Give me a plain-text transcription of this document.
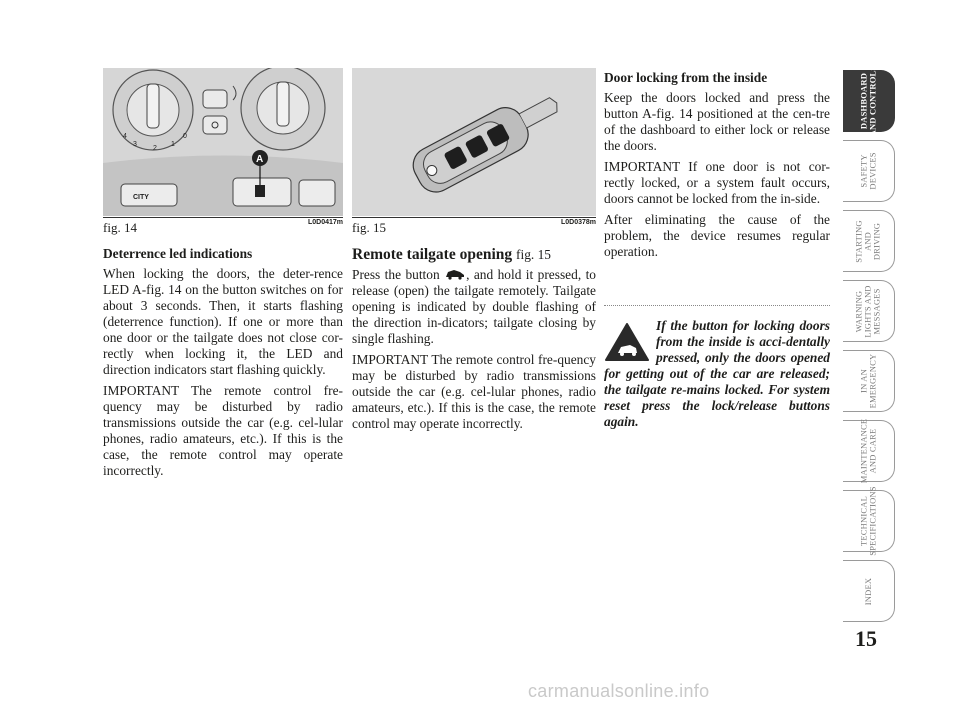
4
3
2
1
0
CITY
A
fig. 14	L0D0417m fig. 15	L0D0378m
Deterrence led indications

When locking the doors, the deter-rence LED A-fig. 14 on the button switches on for about 3 seconds. Then, it starts flashing (deterrence function). If one or more than one door or the tailgate does not close cor-rectly when locking it, the LED and direction indicators start flashing quickly.

IMPORTANT The remote control fre-quency may be disturbed by radio transmissions outside the car (e.g. cel-lular phones, radio amateurs, etc.). If this is the case, the remote control may operate incorrectly.

Remote tailgate opening fig. 15

Press the button , and hold it pressed, to release (open) the tailgate remotely. Tailgate opening is indicated by double flashing of the direction in-dicators; tailgate closing by single flashing.

IMPORTANT The remote control fre-quency may be disturbed by radio transmissions outside the car (e.g. cel-lular phones, radio amateurs, etc.). If this is the case, the remote control may operate incorrectly.

Door locking from the inside

Keep the doors locked and press the button A-fig. 14 positioned at the cen-tre of the dashboard to either lock or release the doors.

IMPORTANT If one door is not cor-rectly locked, or a system fault occurs, doors cannot be locked from the in-side.

After eliminating the cause of the problem, the device resumes regular operation.

If the button for locking doors from the inside is acci-dentally pressed, only the doors opened for getting out of the car are released; the tailgate re-mains locked. For system reset press the lock/release buttons again.
DASHBOARD
AND CONTROLS
SAFETY
DEVICES
STARTING
AND
DRIVING
WARNING
LIGHTS AND
MESSAGES
IN AN
EMERGENCY
MAINTENANCE
AND CARE
TECHNICAL
SPECIFICATIONS
INDEX
15
carmanualsonline.info
